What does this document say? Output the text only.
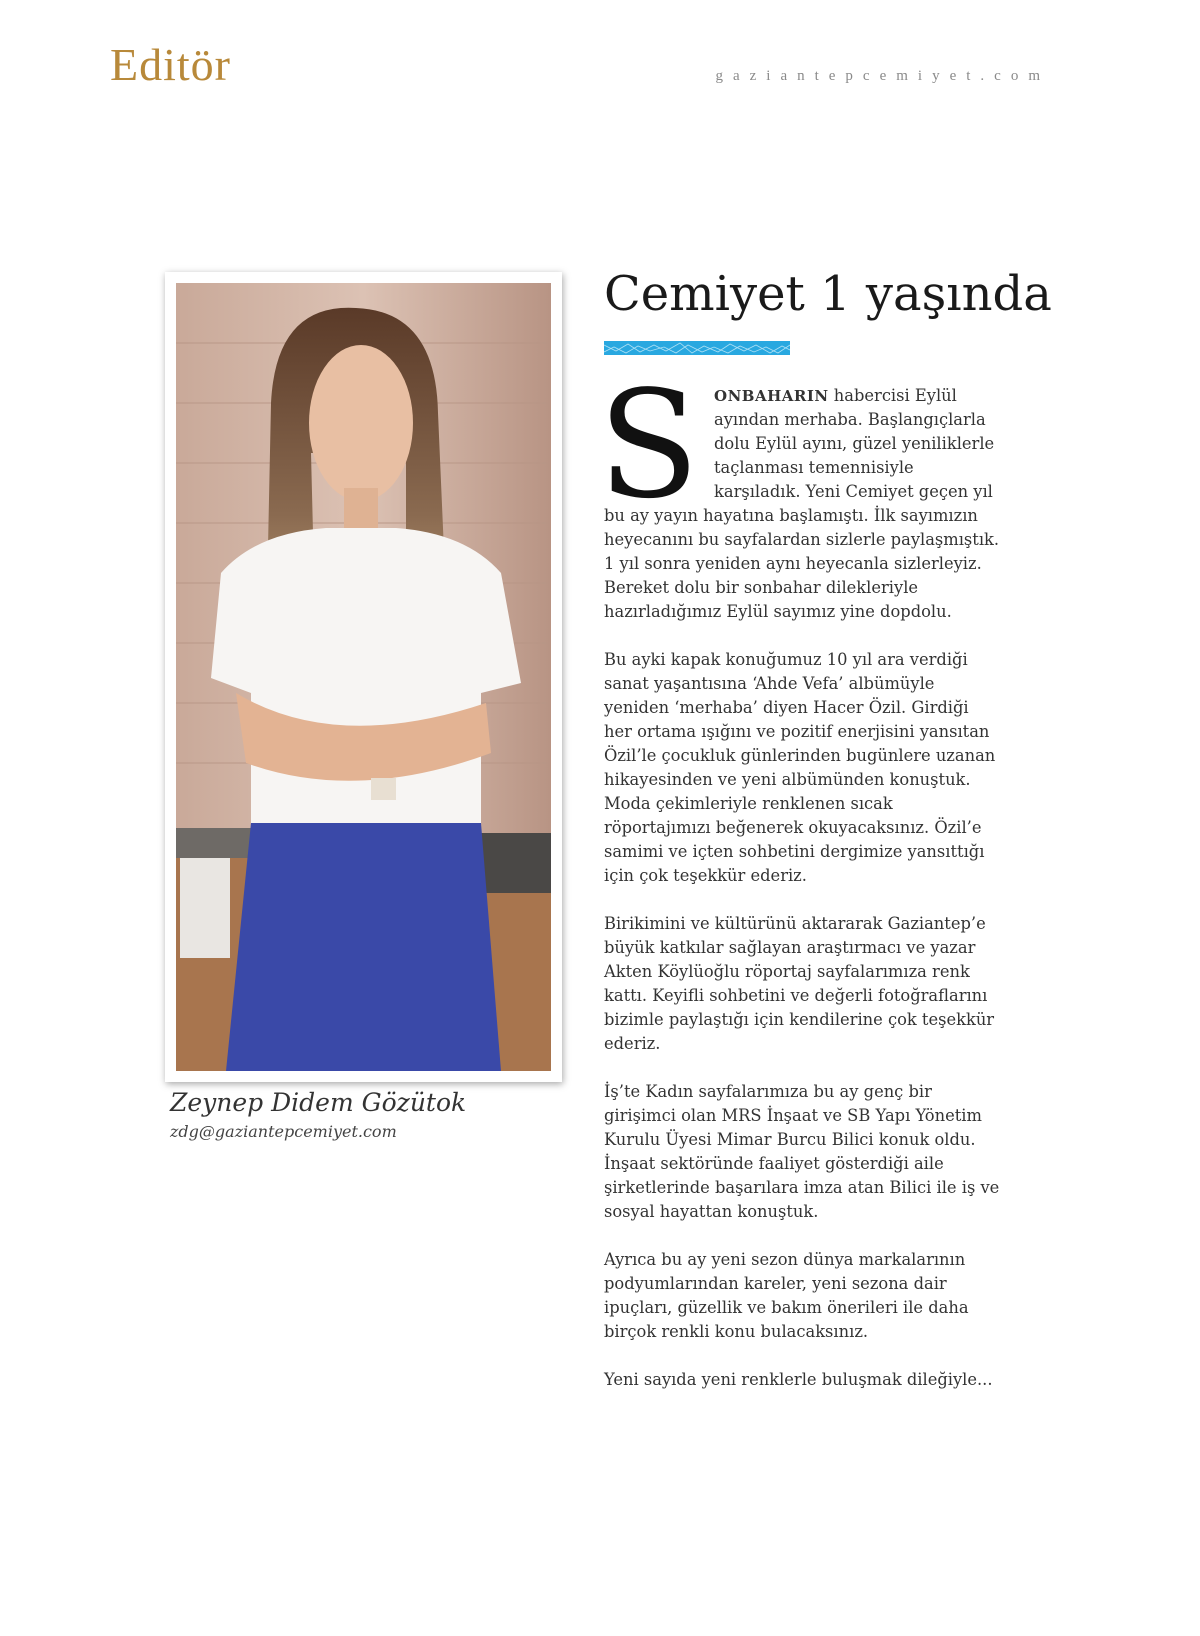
Editör	gaziantepcemiyet.com
Zeynep Didem Gözütok
zdg@gaziantepcemiyet.com
Cemiyet 1 yaşında

SONBAHARIN habercisi Eylül ayından merhaba. Başlangıçlarla dolu Eylül ayını, güzel yeniliklerle taçlanması temennisiyle karşıladık. Yeni Cemiyet geçen yıl bu ay yayın hayatına başlamıştı. İlk sayımızın heyecanını bu sayfalardan sizlerle paylaşmıştık. 1 yıl sonra yeniden aynı heyecanla sizlerleyiz. Bereket dolu bir sonbahar dilekleriyle hazırladığımız Eylül sayımız yine dopdolu.

Bu ayki kapak konuğumuz 10 yıl ara verdiği sanat yaşantısına ‘Ahde Vefa’ albümüyle yeniden ‘merhaba’ diyen Hacer Özil. Girdiği her ortama ışığını ve pozitif enerjisini yansıtan Özil’le çocukluk günlerinden bugünlere uzanan hikayesinden ve yeni albümünden konuştuk. Moda çekimleriyle renklenen sıcak röportajımızı beğenerek okuyacaksınız. Özil’e samimi ve içten sohbetini dergimize yansıttığı için çok teşekkür ederiz.

Birikimini ve kültürünü aktararak Gaziantep’e büyük katkılar sağlayan araştırmacı ve yazar Akten Köylüoğlu röportaj sayfalarımıza renk kattı. Keyifli sohbetini ve değerli fotoğraflarını bizimle paylaştığı için kendilerine çok teşekkür ederiz.

İş’te Kadın sayfalarımıza bu ay genç bir girişimci olan MRS İnşaat ve SB Yapı Yönetim Kurulu Üyesi Mimar Burcu Bilici konuk oldu. İnşaat sektöründe faaliyet gösterdiği aile şirketlerinde başarılara imza atan Bilici ile iş ve sosyal hayattan konuştuk.

Ayrıca bu ay yeni sezon dünya markalarının podyumlarından kareler, yeni sezona dair ipuçları, güzellik ve bakım önerileri ile daha birçok renkli konu bulacaksınız.

Yeni sayıda yeni renklerle buluşmak dileğiyle...
